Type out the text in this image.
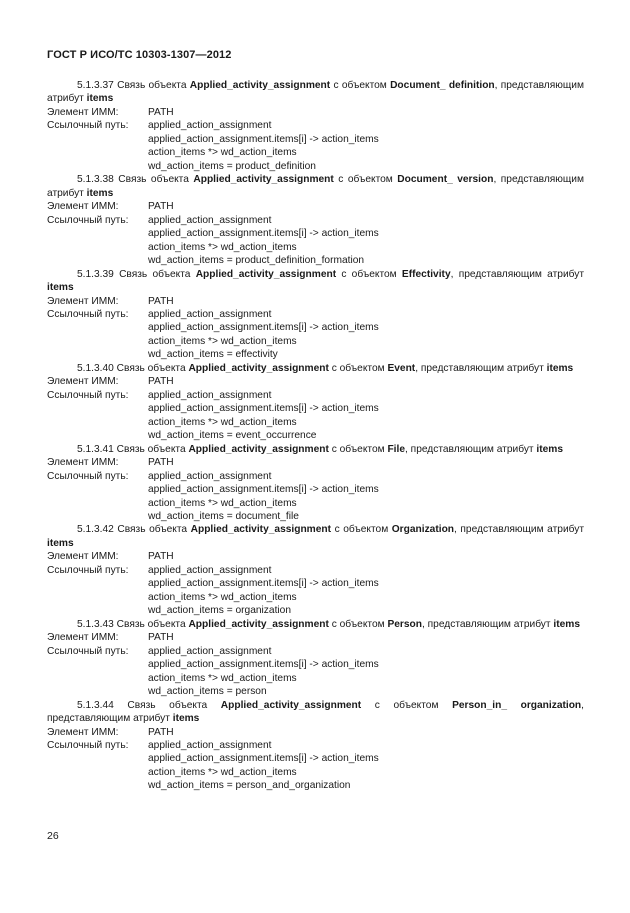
ГОСТ Р ИСО/ТС 10303-1307—2012

5.1.3.37 Связь объекта Applied_activity_assignment с объектом Document_ definition, представляющим атрибут items

Элемент ИММ:	PATH
Ссылочный путь:	applied_action_assignment

applied_action_assignment.items[i] -> action_items

action_items *> wd_action_items

wd_action_items = product_definition

5.1.3.38 Связь объекта Applied_activity_assignment с объектом Document_ version, представляющим атрибут items

Элемент ИММ:	PATH
Ссылочный путь:	applied_action_assignment

applied_action_assignment.items[i] -> action_items

action_items *> wd_action_items

wd_action_items = product_definition_formation

5.1.3.39 Связь объекта Applied_activity_assignment с объектом Effectivity, представляющим атрибут items

Элемент ИММ:	PATH
Ссылочный путь:	applied_action_assignment

applied_action_assignment.items[i] -> action_items

action_items *> wd_action_items

wd_action_items = effectivity

5.1.3.40 Связь объекта Applied_activity_assignment с объектом Event, представляющим атрибут items

Элемент ИММ:	PATH
Ссылочный путь:	applied_action_assignment

applied_action_assignment.items[i] -> action_items

action_items *> wd_action_items

wd_action_items = event_occurrence

5.1.3.41 Связь объекта Applied_activity_assignment с объектом File, представляющим атрибут items

Элемент ИММ:	PATH
Ссылочный путь:	applied_action_assignment

applied_action_assignment.items[i] -> action_items

action_items *> wd_action_items

wd_action_items = document_file

5.1.3.42 Связь объекта Applied_activity_assignment с объектом Organization, представляющим атрибут items

Элемент ИММ:	PATH
Ссылочный путь:	applied_action_assignment

applied_action_assignment.items[i] -> action_items

action_items *> wd_action_items

wd_action_items = organization

5.1.3.43 Связь объекта Applied_activity_assignment с объектом Person, представляющим атрибут items

Элемент ИММ:	PATH
Ссылочный путь:	applied_action_assignment

applied_action_assignment.items[i] -> action_items

action_items *> wd_action_items

wd_action_items = person

5.1.3.44 Связь объекта Applied_activity_assignment с объектом Person_in_ organization, представляющим атрибут items

Элемент ИММ:	PATH
Ссылочный путь:	applied_action_assignment

applied_action_assignment.items[i] -> action_items

action_items *> wd_action_items

wd_action_items = person_and_organization

26
